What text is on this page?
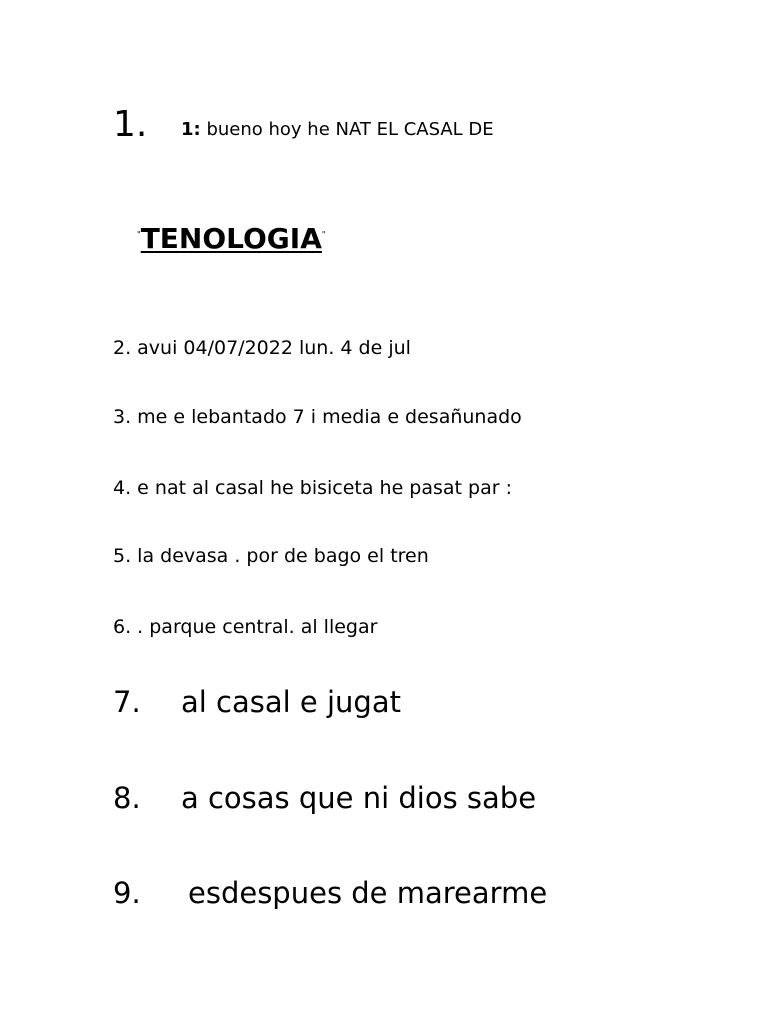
1. 1: bueno hoy he NAT EL CASAL DE
"TENOLOGIA"
2. avui 04/07/2022 lun. 4 de jul
3. me e lebantado 7 i media e desañunado
4. e nat al casal he bisiceta he pasat par :
5. la devasa . por de bago el tren
6. . parque central. al llegar
7. al casal e jugat
8. a cosas que ni dios sabe
9. esdespues de marearme
